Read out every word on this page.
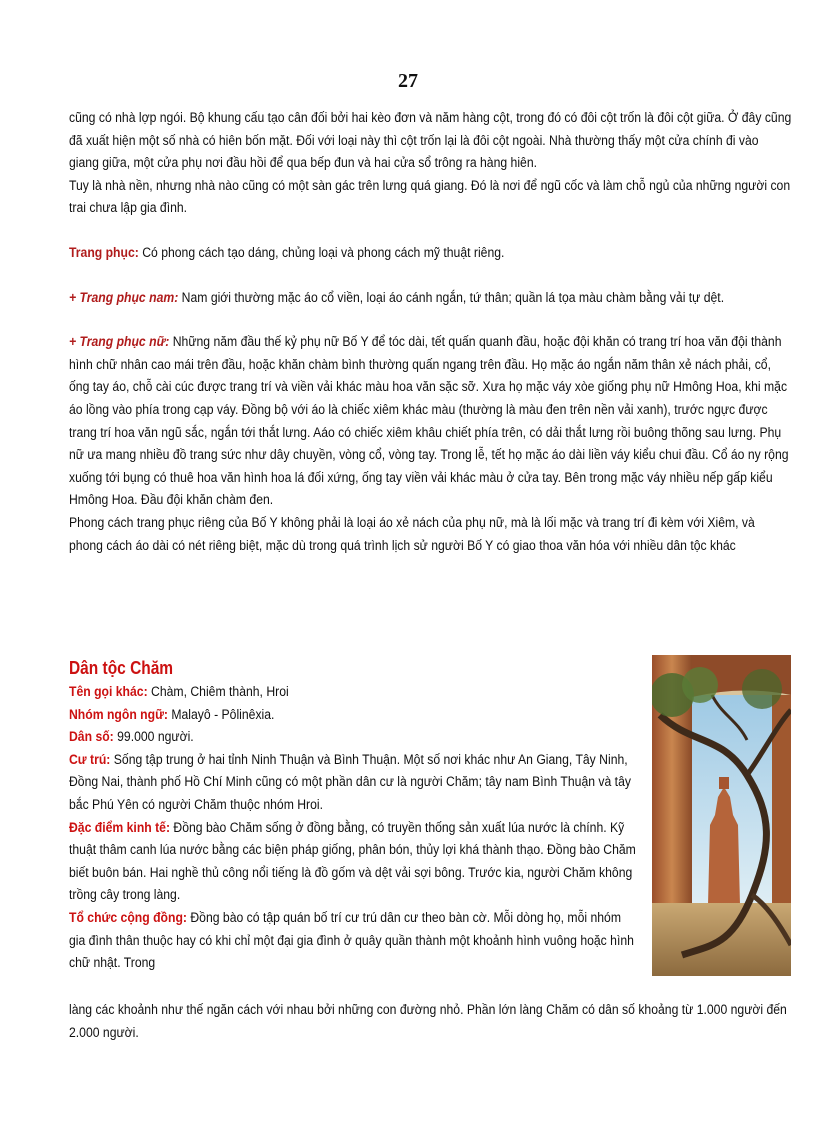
27

cũng có nhà lợp ngói. Bộ khung cấu tạo cân đối bởi hai kèo đơn và năm hàng cột, trong đó có đôi cột trốn là đôi cột giữa. Ở đây cũng đã xuất hiện một số nhà có hiên bốn mặt. Đối với loại này thì cột trốn lại là đôi cột ngoài. Nhà thường thấy một cửa chính đi vào giang giữa, một cửa phụ nơi đầu hồi để qua bếp đun và hai cửa sổ trông ra hàng hiên.

Tuy là nhà nền, nhưng nhà nào cũng có một sàn gác trên lưng quá giang. Đó là nơi để ngũ cốc và làm chỗ ngủ của những người con trai chưa lập gia đình.

Trang phục: Có phong cách tạo dáng, chủng loại và phong cách mỹ thuật riêng.

+ Trang phục nam: Nam giới thường mặc áo cổ viền, loại áo cánh ngắn, tứ thân; quần lá tọa màu chàm bằng vải tự dệt.

+ Trang phục nữ: Những năm đầu thế kỷ phụ nữ Bố Y để tóc dài, tết quấn quanh đầu, hoặc đội khăn có trang trí hoa văn đội thành hình chữ nhân cao mái trên đầu, hoặc khăn chàm bình thường quấn ngang trên đầu. Họ mặc áo ngắn năm thân xẻ nách phải, cổ, ống tay áo, chỗ cài cúc được trang trí và viền vải khác màu hoa văn sặc sỡ. Xưa họ mặc váy xòe giống phụ nữ Hmông Hoa, khi mặc áo lồng vào phía trong cạp váy. Đồng bộ với áo là chiếc xiêm khác màu (thường là màu đen trên nền vải xanh), trước ngực được trang trí hoa văn ngũ sắc, ngắn tới thắt lưng. Aáo có chiếc xiêm khâu chiết phía trên, có dải thắt lưng rồi buông thõng sau lưng. Phụ nữ ưa mang nhiều đồ trang sức như dây chuyền, vòng cổ, vòng tay. Trong lễ, tết họ mặc áo dài liền váy kiểu chui đầu. Cổ áo ny rộng xuống tới bụng có thuê hoa văn hình hoa lá đối xứng, ống tay viền vải khác màu ở cửa tay. Bên trong mặc váy nhiều nếp gấp kiểu Hmông Hoa. Đầu đội khăn chàm đen.

Phong cách trang phục riêng của Bố Y không phải là loại áo xẻ nách của phụ nữ, mà là lối mặc và trang trí đi kèm với Xiêm, và phong cách áo dài có nét riêng biệt, mặc dù trong quá trình lịch sử người Bố Y có giao thoa văn hóa với nhiều dân tộc khác

Dân tộc Chăm

Tên gọi khác: Chàm, Chiêm thành, Hroi

Nhóm ngôn ngữ: Malayô - Pôlinêxia.

Dân số: 99.000 người.

Cư trú: Sống tập trung ở hai tỉnh Ninh Thuận và Bình Thuận. Một số nơi khác như An Giang, Tây Ninh, Đồng Nai, thành phố Hồ Chí Minh cũng có một phần dân cư là người Chăm; tây nam Bình Thuận và tây bắc Phú Yên có người Chăm thuộc nhóm Hroi.

Đặc điểm kinh tế: Đồng bào Chăm sống ở đồng bằng, có truyền thống sản xuất lúa nước là chính. Kỹ thuật thâm canh lúa nước bằng các biện pháp giống, phân bón, thủy lợi khá thành thạo. Đồng bào Chăm biết buôn bán. Hai nghề thủ công nổi tiếng là đồ gốm và dệt vải sợi bông. Trước kia, người Chăm không trồng cây trong làng.

Tổ chức cộng đồng: Đồng bào có tập quán bố trí cư trú dân cư theo bàn cờ. Mỗi dòng họ, mỗi nhóm gia đình thân thuộc hay có khi chỉ một đại gia đình ở quây quần thành một khoảnh hình vuông hoặc hình chữ nhật. Trong

làng các khoảnh như thế ngăn cách với nhau bởi những con đường nhỏ. Phần lớn làng Chăm có dân số khoảng từ 1.000 người đến 2.000 người.
